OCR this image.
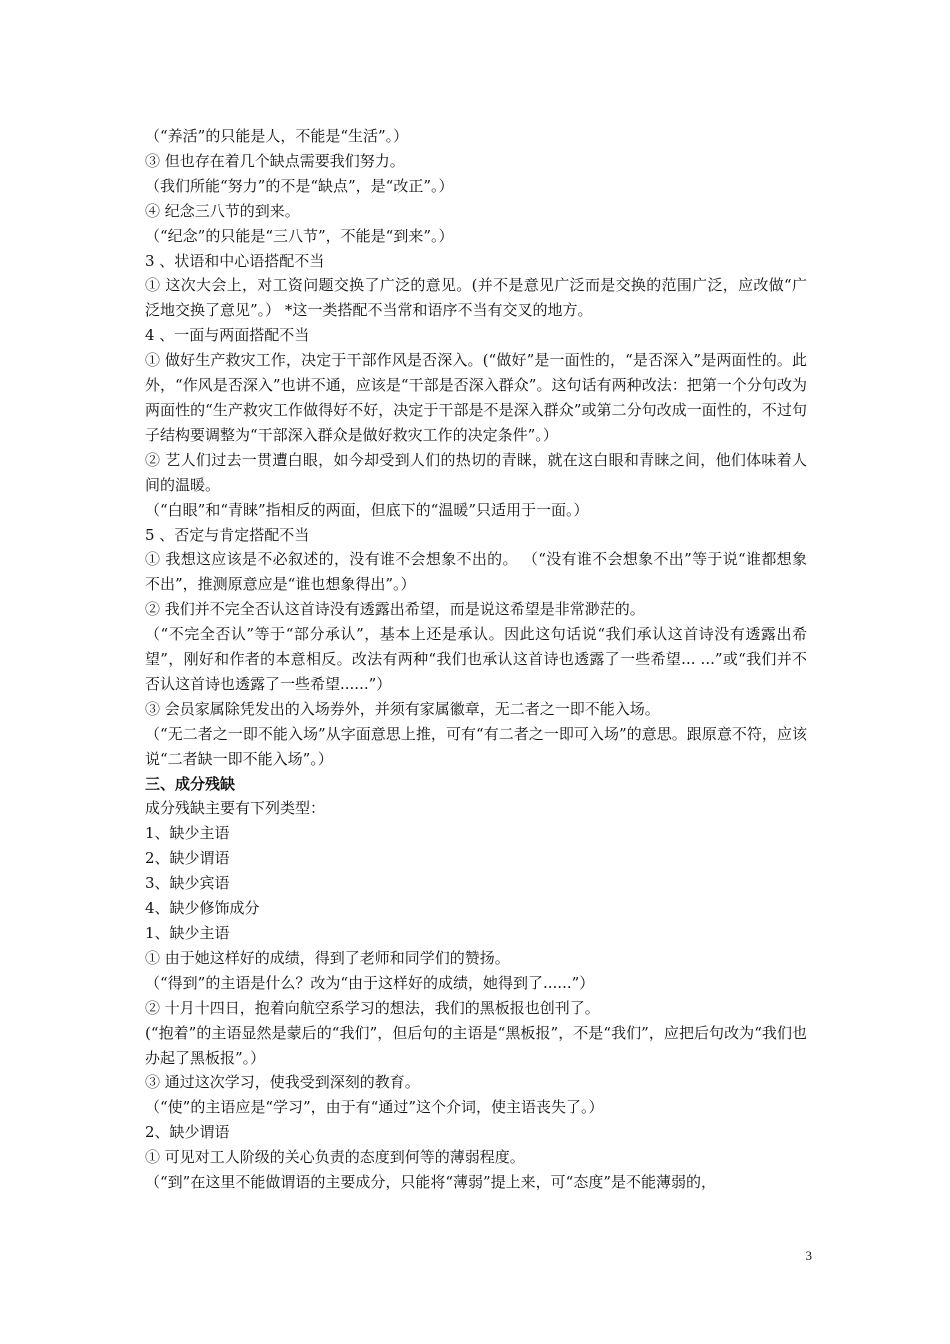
（“养活”的只能是人，不能是“生活”。）

③ 但也存在着几个缺点需要我们努力。

（我们所能“努力”的不是“缺点”，是“改正”。）

④ 纪念三八节的到来。

（“纪念”的只能是“三八节”，不能是“到来”。）

3 、状语和中心语搭配不当

① 这次大会上，对工资问题交换了广泛的意见。(并不是意见广泛而是交换的范围广泛，应改做“广泛地交换了意见”。） *这一类搭配不当常和语序不当有交叉的地方。

4 、一面与两面搭配不当

① 做好生产救灾工作，决定于干部作风是否深入。(“做好”是一面性的，“是否深入”是两面性的。此外，“作风是否深入”也讲不通，应该是“干部是否深入群众”。这句话有两种改法：把第一个分句改为两面性的“生产救灾工作做得好不好，决定于干部是不是深入群众”或第二分句改成一面性的，不过句子结构要调整为“干部深入群众是做好救灾工作的决定条件”。）

② 艺人们过去一贯遭白眼，如今却受到人们的热切的青睐，就在这白眼和青睐之间，他们体味着人间的温暖。

（“白眼”和“青睐”指相反的两面，但底下的“温暖”只适用于一面。）

5 、否定与肯定搭配不当

① 我想这应该是不必叙述的，没有谁不会想象不出的。 （“没有谁不会想象不出”等于说“谁都想象不出”，推测原意应是“谁也想象得出”。）

② 我们并不完全否认这首诗没有透露出希望，而是说这希望是非常渺茫的。

（“不完全否认”等于“部分承认”，基本上还是承认。因此这句话说“我们承认这首诗没有透露出希望”，刚好和作者的本意相反。改法有两种“我们也承认这首诗也透露了一些希望... ...”或“我们并不否认这首诗也透露了一些希望......”）

③ 会员家属除凭发出的入场券外，并须有家属徽章，无二者之一即不能入场。

（“无二者之一即不能入场”从字面意思上推，可有“有二者之一即可入场”的意思。跟原意不符，应该说“二者缺一即不能入场”。）

三、成分残缺

成分残缺主要有下列类型：

1、缺少主语

2、缺少谓语

3、缺少宾语

4、缺少修饰成分

1、缺少主语

① 由于她这样好的成绩，得到了老师和同学们的赞扬。

（“得到”的主语是什么？改为“由于这样好的成绩，她得到了......”）

② 十月十四日，抱着向航空系学习的想法，我们的黑板报也创刊了。

(“抱着”的主语显然是蒙后的“我们”，但后句的主语是“黑板报”，不是“我们”，应把后句改为“我们也办起了黑板报”。）

③ 通过这次学习，使我受到深刻的教育。

（“使”的主语应是“学习”，由于有“通过”这个介词，使主语丧失了。）

2、缺少谓语

① 可见对工人阶级的关心负责的态度到何等的薄弱程度。

（“到”在这里不能做谓语的主要成分，只能将“薄弱”提上来，可“态度”是不能薄弱的，

3
